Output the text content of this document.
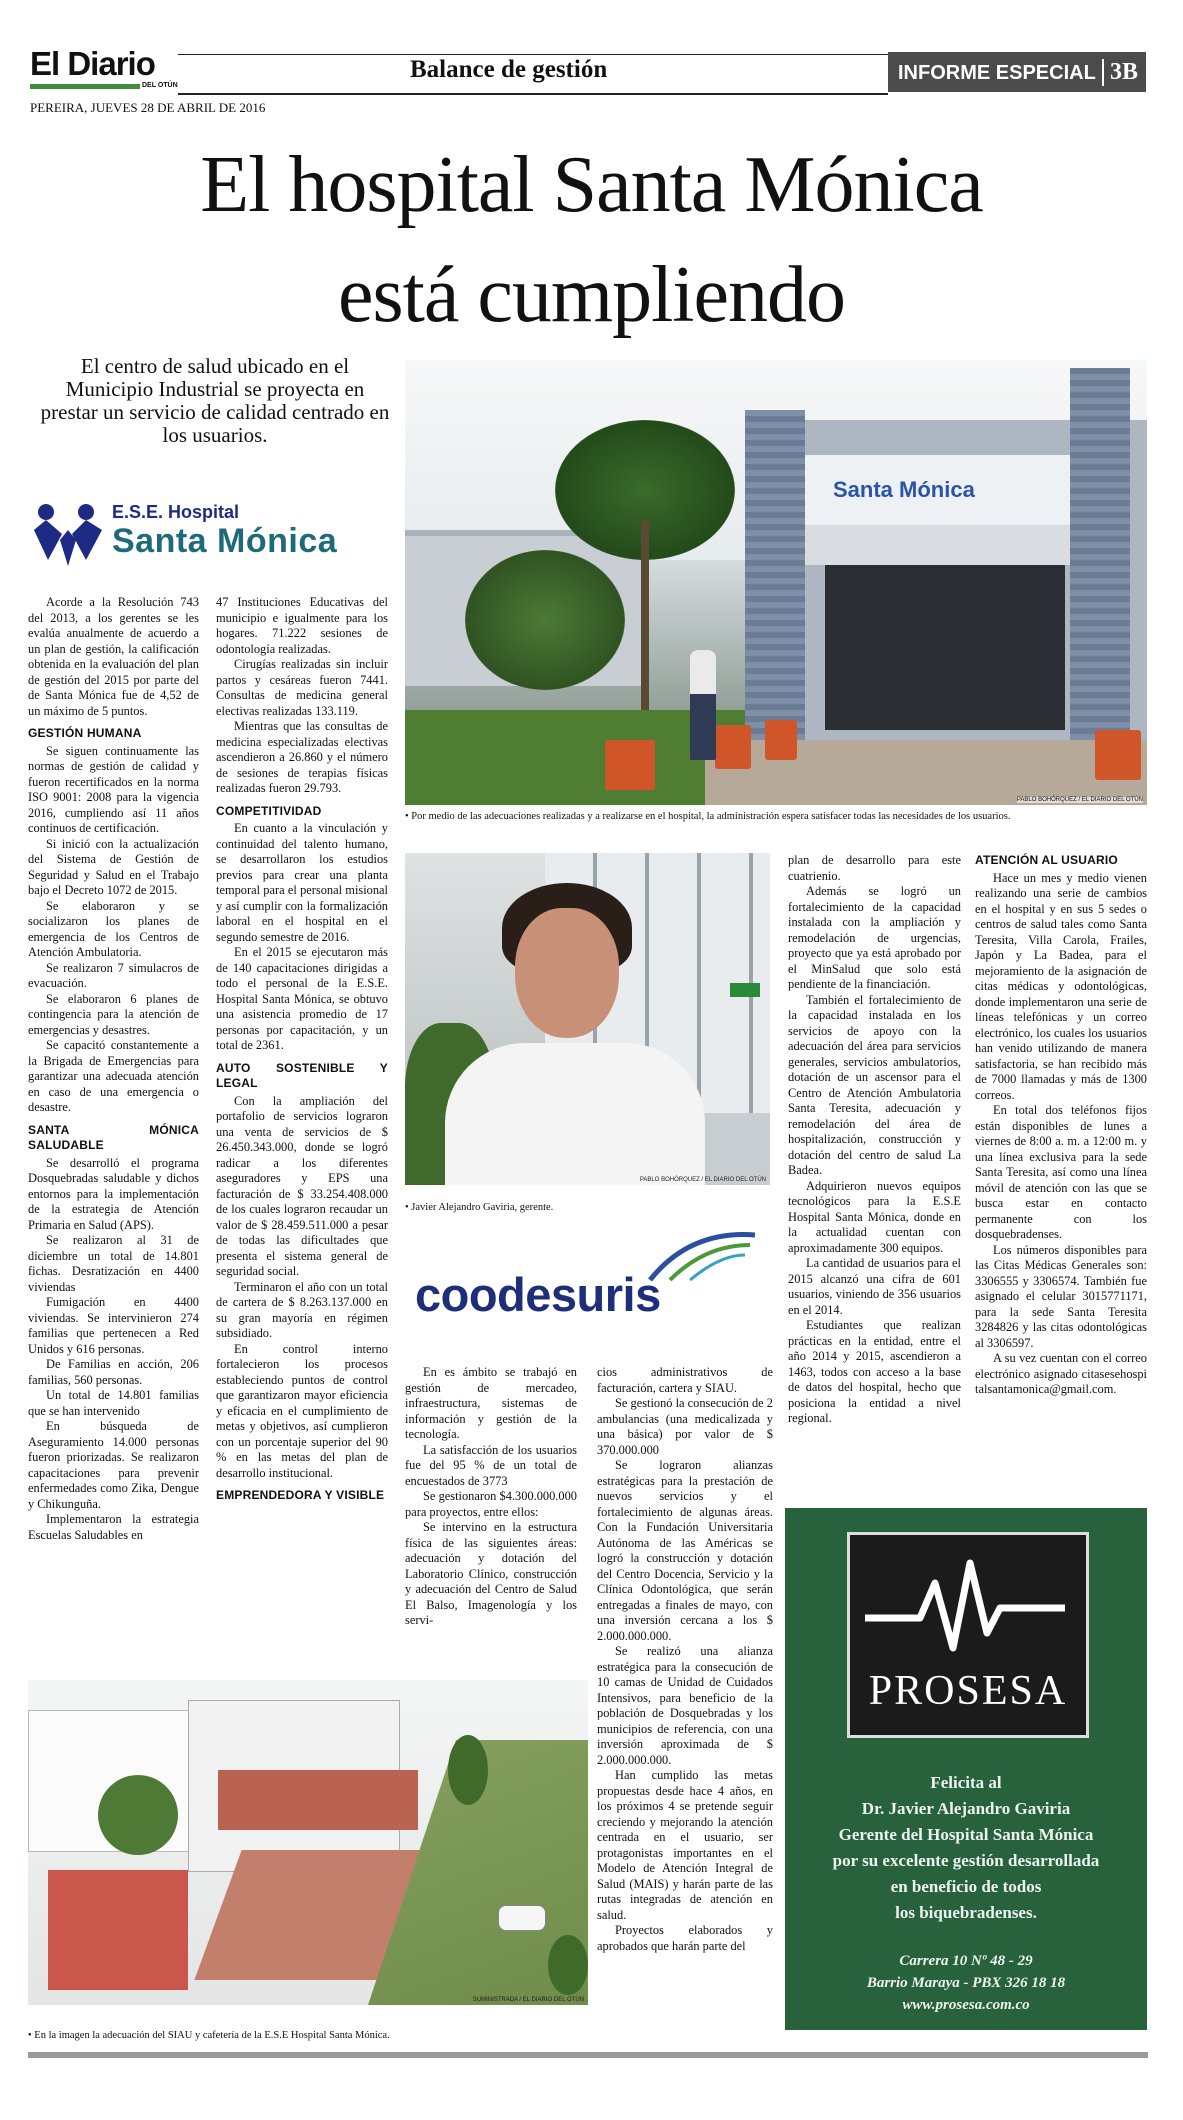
El Diario
DEL OTÚN
Balance de gestión	INFORME ESPECIAL 3B
PEREIRA, JUEVES 28 DE ABRIL DE 2016
El hospital Santa Mónica
está cumpliendo
El centro de salud ubicado en el Municipio Industrial se proyecta en prestar un servicio de calidad centrado en los usuarios.
E.S.E. Hospital
Santa Mónica
Santa Mónica
PABLO BOHÓRQUEZ / EL DIARIO DEL OTÚN
• Por medio de las adecuaciones realizadas y a realizarse en el hospital, la administración espera satisfacer todas las necesidades de los usuarios.
PABLO BOHÓRQUEZ / EL DIARIO DEL OTÚN
• Javier Alejandro Gaviria, gerente.
coodesuris

Acorde a la Resolución 743 del 2013, a los gerentes se les evalúa anualmente de acuerdo a un plan de gestión, la calificación obtenida en la evaluación del plan de gestión del 2015 por parte del de Santa Mónica fue de 4,52 de un máximo de 5 puntos.

GESTIÓN HUMANA

Se siguen continuamente las normas de gestión de calidad y fueron recertificados en la norma ISO 9001: 2008 para la vigencia 2016, cumpliendo así 11 años continuos de certificación.

Si inició con la actualización del Sistema de Gestión de Seguridad y Salud en el Trabajo bajo el Decreto 1072 de 2015.

Se elaboraron y se socializaron los planes de emergencia de los Centros de Atención Ambulatoria.

Se realizaron 7 simulacros de evacuación.

Se elaboraron 6 planes de contingencia para la atención de emergencias y desastres.

Se capacitó constantemente a la Brigada de Emergencias para garantizar una adecuada atención en caso de una emergencia o desastre.

SANTA MÓNICA SALUDABLE

Se desarrolló el programa Dosquebradas saludable y dichos entornos para la implementación de la estrategia de Atención Primaria en Salud (APS).

Se realizaron al 31 de diciembre un total de 14.801 fichas. Desratización en 4400 viviendas

Fumigación en 4400 viviendas. Se intervinieron 274 familias que pertenecen a Red Unidos y 616 personas.

De Familias en acción, 206 familias, 560 personas.

Un total de 14.801 familias que se han intervenido

En búsqueda de Aseguramiento 14.000 personas fueron priorizadas. Se realizaron capacitaciones para prevenir enfermedades como Zika, Dengue y Chikunguña.

Implementaron la estrategia Escuelas Saludables en

47 Instituciones Educativas del municipio e igualmente para los hogares. 71.222 sesiones de odontología realizadas.

Cirugías realizadas sin incluir partos y cesáreas fueron 7441. Consultas de medicina general electivas realizadas 133.119.

Mientras que las consultas de medicina especializadas electivas ascendieron a 26.860 y el número de sesiones de terapias físicas realizadas fueron 29.793.

COMPETITIVIDAD

En cuanto a la vinculación y continuidad del talento humano, se desarrollaron los estudios previos para crear una planta temporal para el personal misional y así cumplir con la formalización laboral en el hospital en el segundo semestre de 2016.

En el 2015 se ejecutaron más de 140 capacitaciones dirigidas a todo el personal de la E.S.E. Hospital Santa Mónica, se obtuvo una asistencia promedio de 17 personas por capacitación, y un total de 2361.

AUTO SOSTENIBLE Y LEGAL

Con la ampliación del portafolio de servicios lograron una venta de servicios de $ 26.450.343.000, donde se logró radicar a los diferentes aseguradores y EPS una facturación de $ 33.254.408.000 de los cuales lograron recaudar un valor de $ 28.459.511.000 a pesar de todas las dificultades que presenta el sistema general de seguridad social.

Terminaron el año con un total de cartera de $ 8.263.137.000 en su gran mayoría en régimen subsidiado.

En control interno fortalecieron los procesos estableciendo puntos de control que garantizaron mayor eficiencia y eficacia en el cumplimiento de metas y objetivos, así cumplieron con un porcentaje superior del 90 % en las metas del plan de desarrollo institucional.

EMPRENDEDORA Y VISIBLE

En es ámbito se trabajó en gestión de mercadeo, infraestructura, sistemas de información y gestión de la tecnología.

La satisfacción de los usuarios fue del 95 % de un total de encuestados de 3773

Se gestionaron $4.300.000.000 para proyectos, entre ellos:

Se intervino en la estructura física de las siguientes áreas: adecuación y dotación del Laboratorio Clínico, construcción y adecuación del Centro de Salud El Balso, Imagenología y los servi-

cios administrativos de facturación, cartera y SIAU.

Se gestionó la consecución de 2 ambulancias (una medicalizada y una básica) por valor de $ 370.000.000

Se lograron alianzas estratégicas para la prestación de nuevos servicios y el fortalecimiento de algunas áreas. Con la Fundación Universitaria Autónoma de las Américas se logró la construcción y dotación del Centro Docencia, Servicio y la Clínica Odontológica, que serán entregadas a finales de mayo, con una inversión cercana a los $ 2.000.000.000.

Se realizó una alianza estratégica para la consecución de 10 camas de Unidad de Cuidados Intensivos, para beneficio de la población de Dosquebradas y los municipios de referencia, con una inversión aproximada de $ 2.000.000.000.

Han cumplido las metas propuestas desde hace 4 años, en los próximos 4 se pretende seguir creciendo y mejorando la atención centrada en el usuario, ser protagonistas importantes en el Modelo de Atención Integral de Salud (MAIS) y harán parte de las rutas integradas de atención en salud.

Proyectos elaborados y aprobados que harán parte del

plan de desarrollo para este cuatrienio.

Además se logró un fortalecimiento de la capacidad instalada con la ampliación y remodelación de urgencias, proyecto que ya está aprobado por el MinSalud que solo está pendiente de la financiación.

También el fortalecimiento de la capacidad instalada en los servicios de apoyo con la adecuación del área para servicios generales, servicios ambulatorios, dotación de un ascensor para el Centro de Atención Ambulatoria Santa Teresita, adecuación y remodelación del área de hospitalización, construcción y dotación del centro de salud La Badea.

Adquirieron nuevos equipos tecnológicos para la E.S.E Hospital Santa Mónica, donde en la actualidad cuentan con aproximadamente 300 equipos.

La cantidad de usuarios para el 2015 alcanzó una cifra de 601 usuarios, viniendo de 356 usuarios en el 2014.

Estudiantes que realizan prácticas en la entidad, entre el año 2014 y 2015, ascendieron a 1463, todos con acceso a la base de datos del hospital, hecho que posiciona la entidad a nivel regional.

ATENCIÓN AL USUARIO

Hace un mes y medio vienen realizando una serie de cambios en el hospital y en sus 5 sedes o centros de salud tales como Santa Teresita, Villa Carola, Frailes, Japón y La Badea, para el mejoramiento de la asignación de citas médicas y odontológicas, donde implementaron una serie de líneas telefónicas y un correo electrónico, los cuales los usuarios han venido utilizando de manera satisfactoria, se han recibido más de 7000 llamadas y más de 1300 correos.

En total dos teléfonos fijos están disponibles de lunes a viernes de 8:00 a. m. a 12:00 m. y una línea exclusiva para la sede Santa Teresita, así como una línea móvil de atención con las que se busca estar en contacto permanente con los dosquebradenses.

Los números disponibles para las Citas Médicas Generales son: 3306555 y 3306574. También fue asignado el celular 3015771171, para la sede Santa Teresita 3284826 y las citas odontológicas al 3306597.

A su vez cuentan con el correo electrónico asignado citasesehospitalsantamonica@gmail.com.

SUMINISTRADA / EL DIARIO DEL OTÚN
• En la imagen la adecuación del SIAU y cafetería de la E.S.E Hospital Santa Mónica.
PROSESA
Felicita al
Dr. Javier Alejandro Gaviria
Gerente del Hospital Santa Mónica
por su excelente gestión desarrollada
en beneficio de todos
los biquebradenses.
Carrera 10 Nº 48 - 29
Barrio Maraya - PBX 326 18 18
www.prosesa.com.co
